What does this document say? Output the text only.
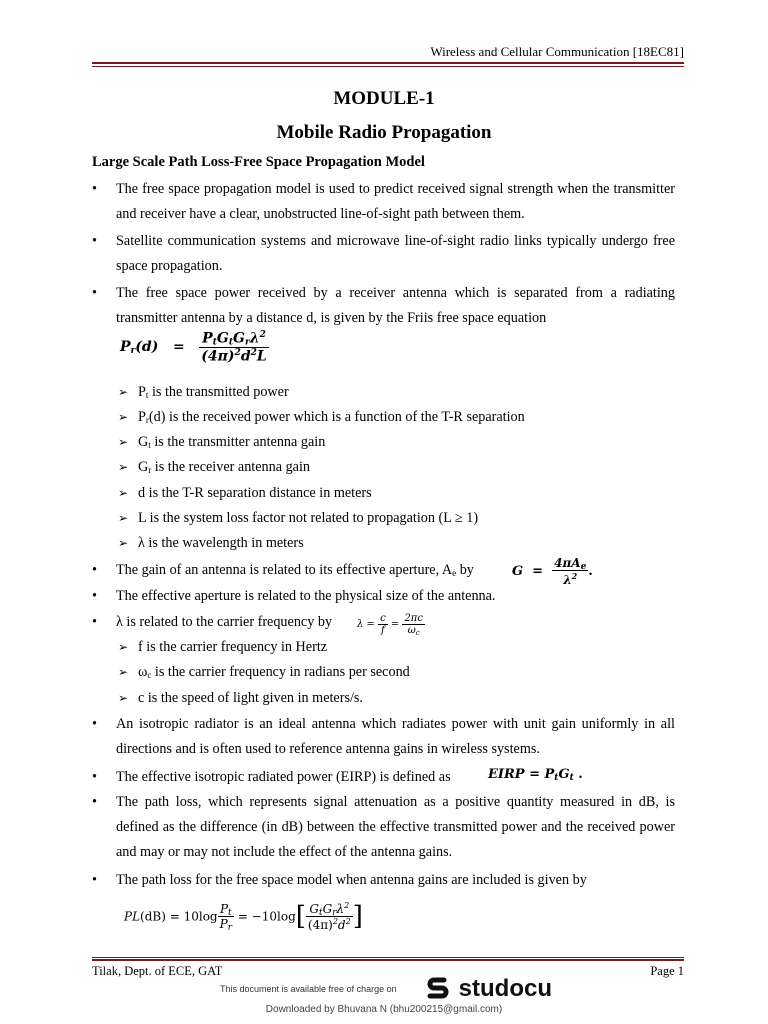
Wireless and Cellular Communication [18EC81]
MODULE-1
Mobile Radio Propagation
Large Scale Path Loss-Free Space Propagation Model
•	The free space propagation model is used to predict received signal strength when the transmitter and receiver have a clear, unobstructed line-of-sight path between them.
•	Satellite communication systems and microwave line-of-sight radio links typically undergo free space propagation.
•	The free space power received by a receiver antenna which is separated from a radiating transmitter antenna by a distance d, is given by the Friis free space equation
$P_r(d) = \frac{P_tG_tG_r\lambda^2}{(4\pi)^2d^2L}$
➢ $P_t$ is the transmitted power
➢ $P_r(d)$ is the received power which is a function of the T-R separation
➢ $G_t$ is the transmitter antenna gain
➢ $G_r$ is the receiver antenna gain
➢ d is the T-R separation distance in meters
➢ L is the system loss factor not related to propagation (L ≥ 1)
➢ λ is the wavelength in meters
•	The gain of an antenna is related to its effective aperture, $A_e$ by	$G = \frac{4\pi A_e}{\lambda^2}$ .
•	The effective aperture is related to the physical size of the antenna.
•	λ is related to the carrier frequency by $\lambda = \frac{c}{f} = \frac{2\pi c}{\omega_c}$
➢ f is the carrier frequency in Hertz
➢ $\omega_c$ is the carrier frequency in radians per second
➢ c is the speed of light given in meters/s.
•	An isotropic radiator is an ideal antenna which radiates power with unit gain uniformly in all directions and is often used to reference antenna gains in wireless systems.
•	The effective isotropic radiated power (EIRP) is defined as	EIRP = $P_tG_t$ .
•	The path loss, which represents signal attenuation as a positive quantity measured in dB, is defined as the difference (in dB) between the effective transmitted power and the received power and may or may not include the effect of the antenna gains.
•	The path loss for the free space model when antenna gains are included is given by
$PL(dB) = 10\log \frac{P_t}{P_r} = -10\log[ \frac{G_tG_r\lambda^2}{(4\pi)^2d^2}$ ]
Tilak, Dept. of ECE, GAT	Page 1
This document is available free of charge on	studocu
Downloaded by Bhuvana N (bhu200215@gmail.com)
